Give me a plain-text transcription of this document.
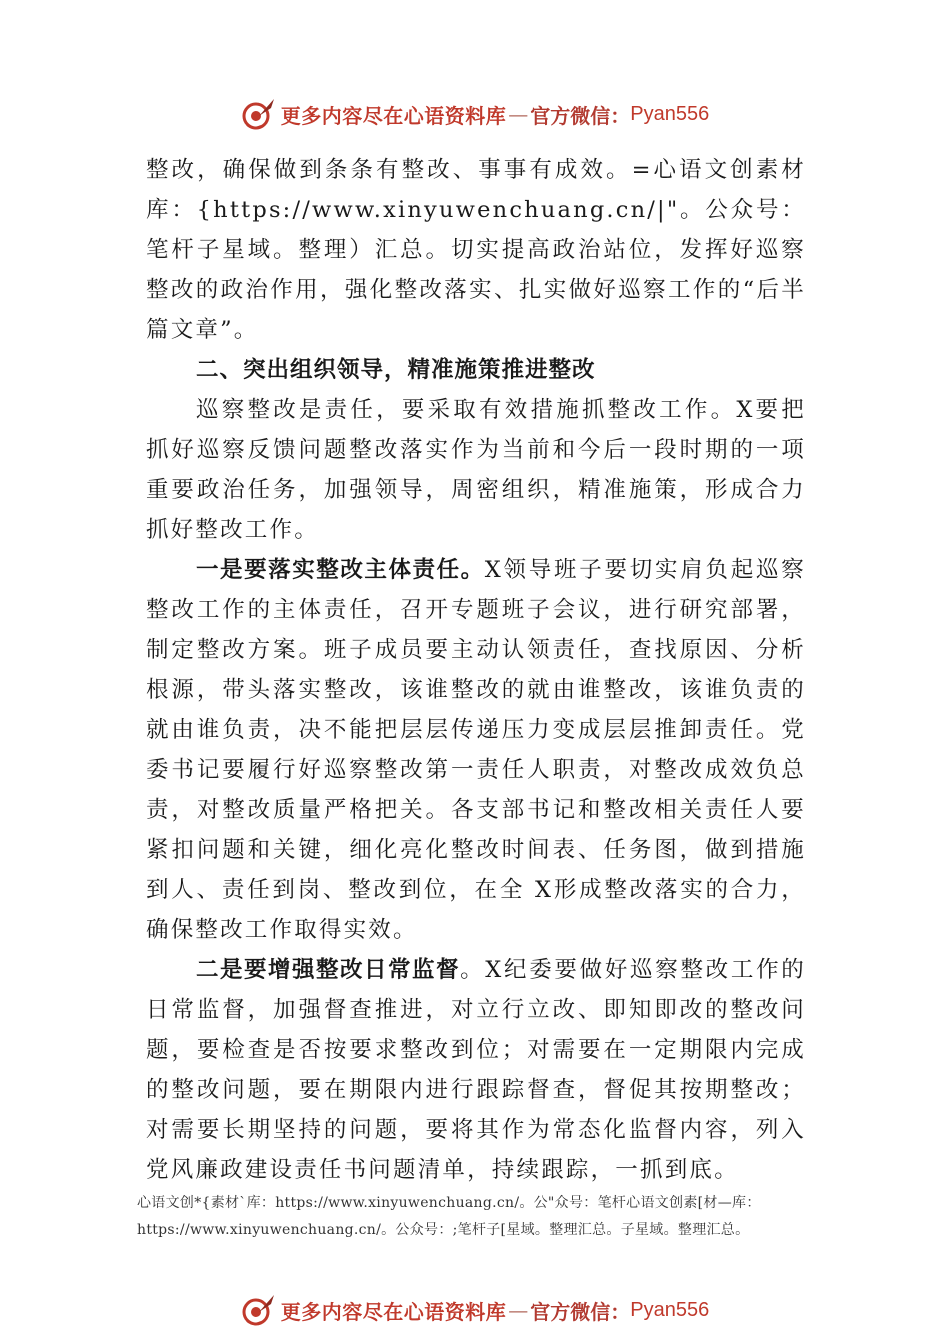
更多内容尽在心语资料库 — 官方微信： Pyan556

整改，确保做到条条有整改、事事有成效。=心语文创素材库：{https://www.xinyuwenchuang.cn/|"。公众号：笔杆子星域。整理）汇总。切实提高政治站位，发挥好巡察整改的政治作用，强化整改落实、扎实做好巡察工作的“后半篇文章”。

二、突出组织领导，精准施策推进整改

巡察整改是责任，要采取有效措施抓整改工作。X要把抓好巡察反馈问题整改落实作为当前和今后一段时期的一项重要政治任务，加强领导，周密组织，精准施策，形成合力抓好整改工作。

一是要落实整改主体责任。X领导班子要切实肩负起巡察整改工作的主体责任，召开专题班子会议，进行研究部署，制定整改方案。班子成员要主动认领责任，查找原因、分析根源，带头落实整改，该谁整改的就由谁整改，该谁负责的就由谁负责，决不能把层层传递压力变成层层推卸责任。党委书记要履行好巡察整改第一责任人职责，对整改成效负总责，对整改质量严格把关。各支部书记和整改相关责任人要紧扣问题和关键，细化亮化整改时间表、任务图，做到措施到人、责任到岗、整改到位，在全 X形成整改落实的合力，确保整改工作取得实效。

二是要增强整改日常监督。X纪委要做好巡察整改工作的日常监督，加强督查推进，对立行立改、即知即改的整改问题，要检查是否按要求整改到位；对需要在一定期限内完成的整改问题，要在期限内进行跟踪督查，督促其按期整改；对需要长期坚持的问题，要将其作为常态化监督内容，列入党风廉政建设责任书问题清单，持续跟踪，一抓到底。

心语文创*{素材`库：https://www.xinyuwenchuang.cn/。公"众号：笔杆心语文创素[材—库：https://www.xinyuwenchuang.cn/。公众号：;笔杆子[星域。整理汇总。子星域。整理汇总。

更多内容尽在心语资料库 — 官方微信： Pyan556
